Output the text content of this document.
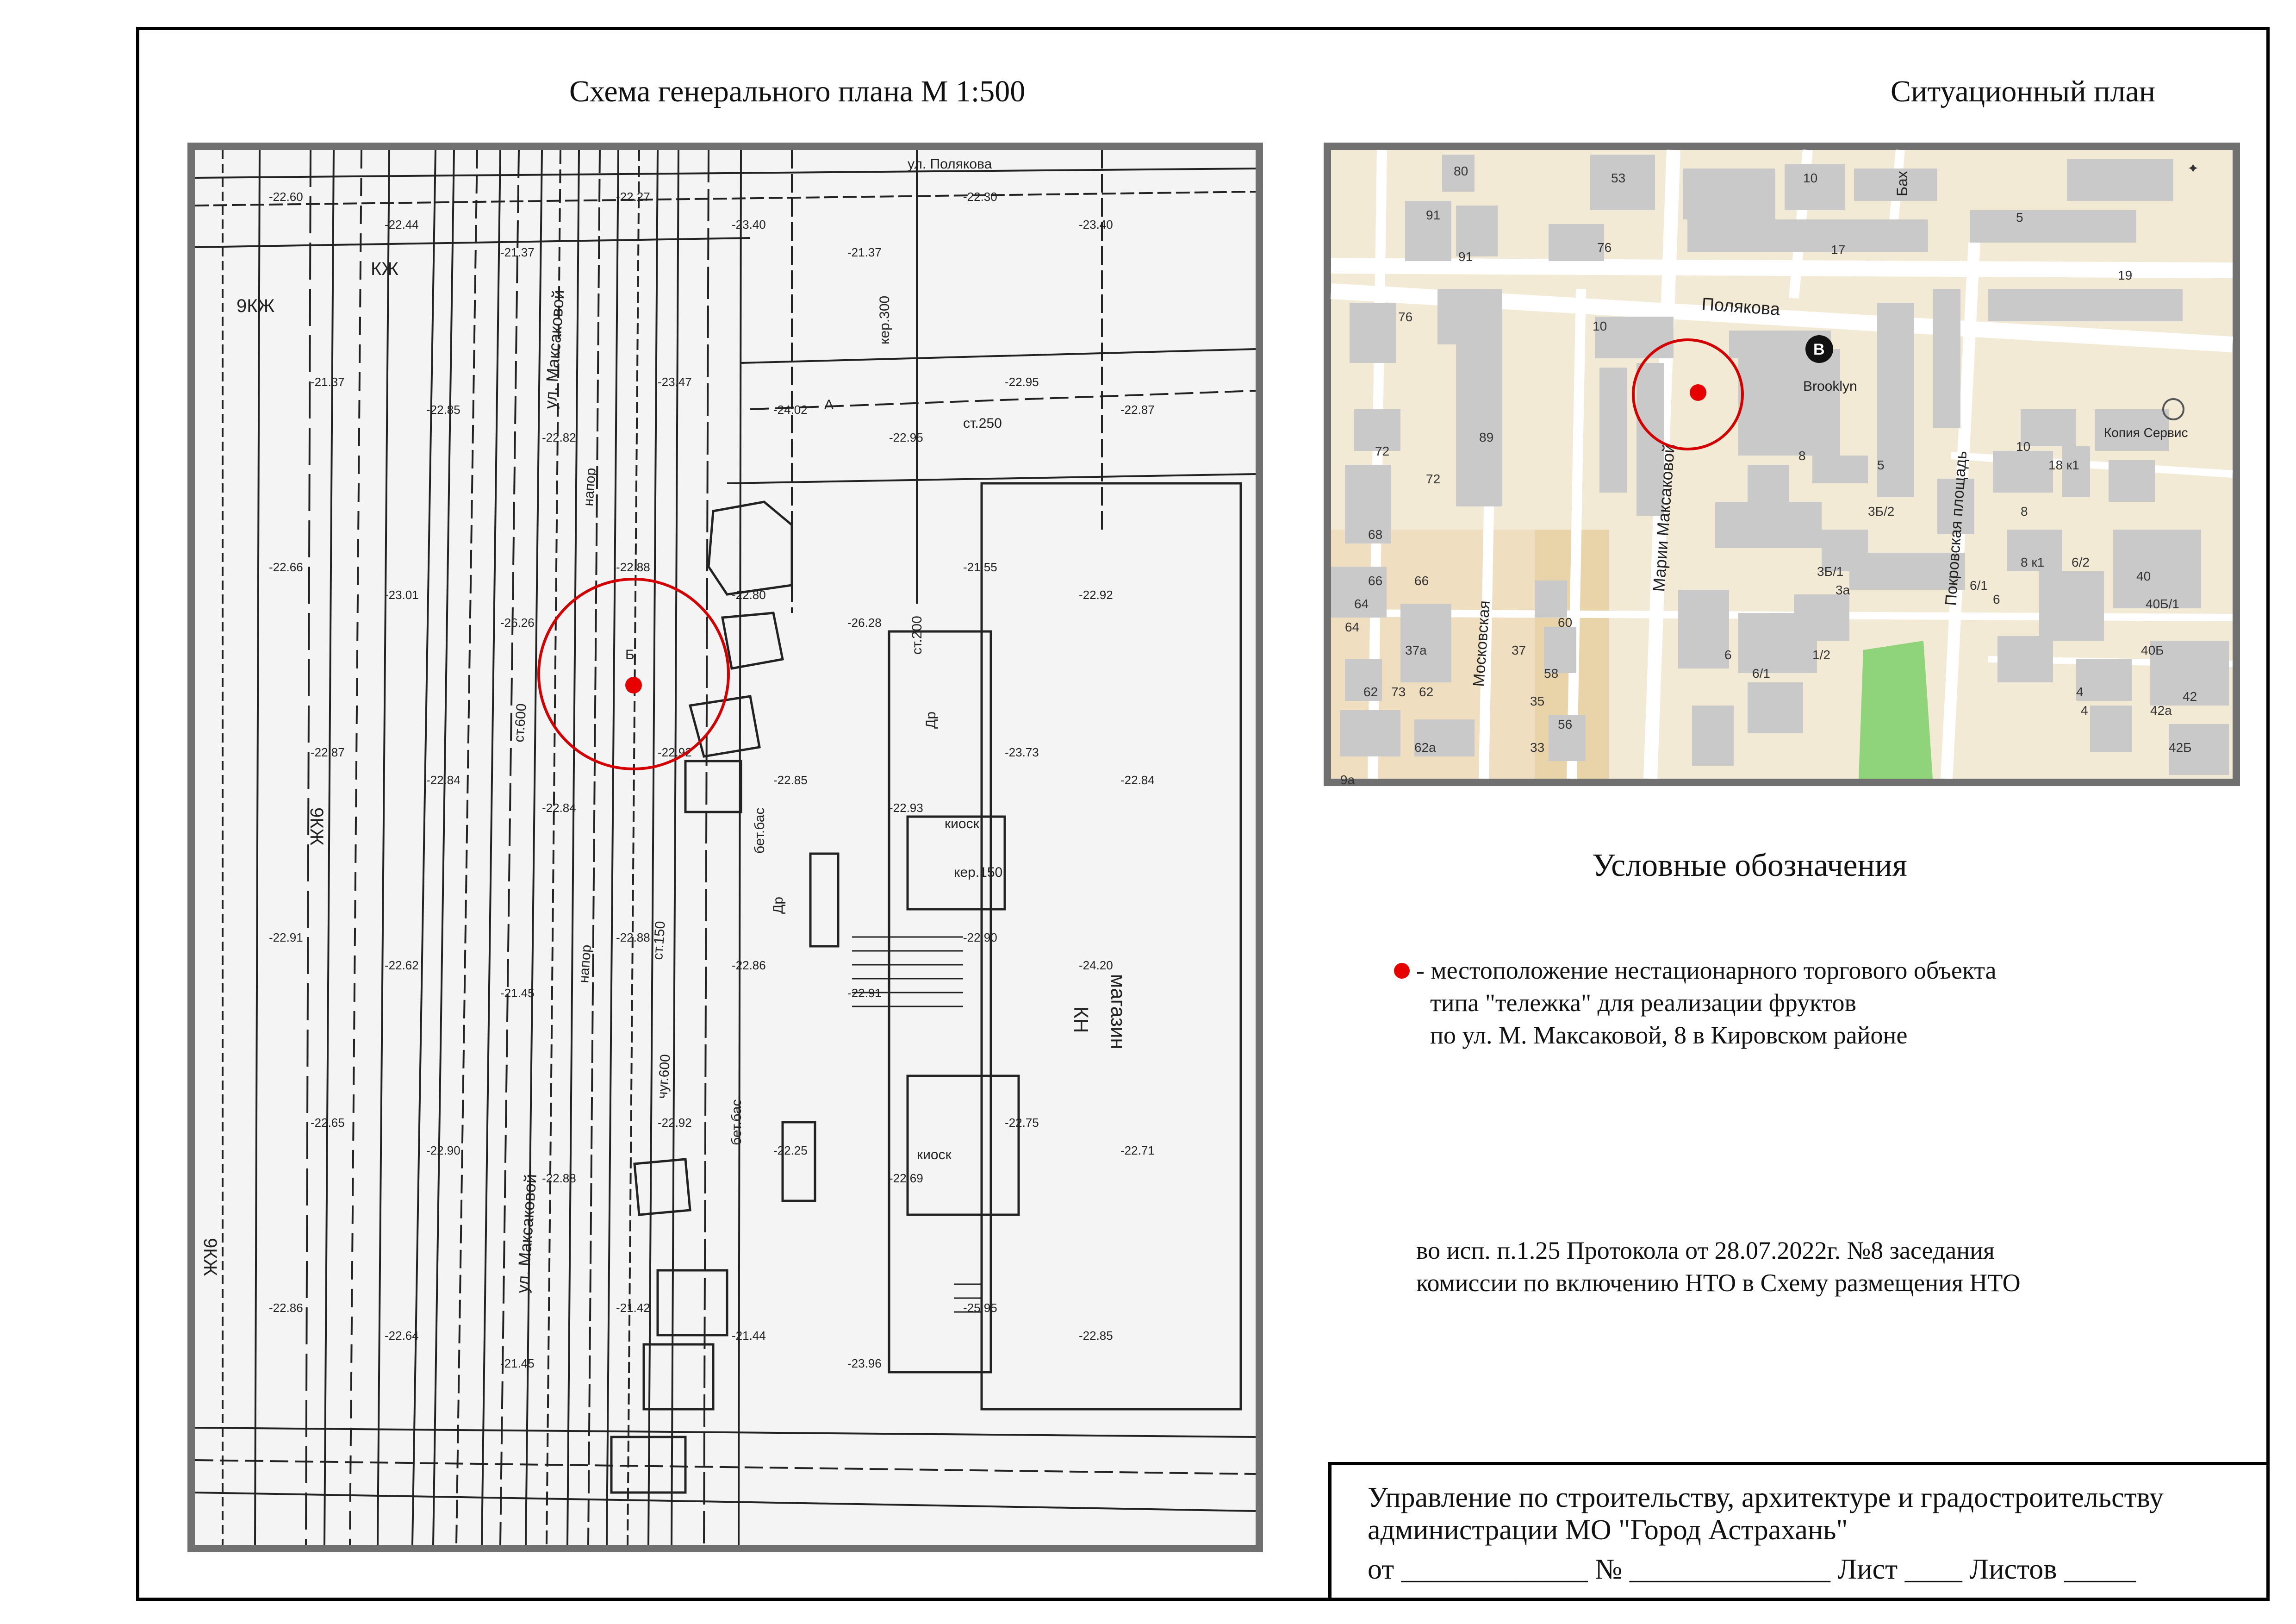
Схема генерального плана М 1:500	Ситуационный план
ул. Полякова
ул. Максаковой
ул. Максаковой
КЖ
9КЖ
9КЖ
9КЖ
киоск
киоск
КН магазин
бет.бас
бет.бас
напор
напор
ст.250
ст.150
ст.600
чуг.600
ст.200
кер.150
кер.300
Др
Др
Б
А
-22.60
-22.44
-21.37
-22.27
-23.40
-21.37
-22.30
-23.40
-21.37
-22.85
-22.82
-23.47
-24.02
-22.95
-22.95
-22.87
-22.66
-23.01
-26.26
-22.88
-22.80
-26.28
-21.55
-22.92
-22.87
-22.84
-22.84
-22.92
-22.85
-22.93
-23.73
-22.84
-22.91
-22.62
-21.45
-22.88
-22.86
-22.91
-22.90
-24.20
-22.65
-22.90
-22.88
-22.92
-22.25
-22.69
-22.75
-22.71
-22.86
-22.64
-21.45
-21.42
-21.44
-23.96
-25.95
-22.85
Полякова
Московская
Марии Максаковой	Покровская площадь
Бах
Brooklyn
Копия Сервис
80
91
91
53
76
10
5
17
19
76
10
89
72
72
68
66 66
64
64
62 73 62
62а
60
37
37а
58
35
56
33
9а
8
3Б/2
3Б/1
3а
5
10
8
8 к1
18 к1
6/2
6/1
6
40
40Б/1
40Б
6
6/1
1/2
4
4	42а
42
42Б
B
✦
Условные обозначения
- местоположение нестационарного торгового объекта
типа "тележка" для реализации фруктов
по ул. М. Максаковой, 8 в Кировском районе
во исп. п.1.25 Протокола от 28.07.2022г. №8 заседания
комиссии по включению НТО в Схему размещения НТО
Управление по строительству, архитектуре и градостроительству
администрации МО "Город Астрахань"
от _____________ № ______________ Лист ____ Листов _____
